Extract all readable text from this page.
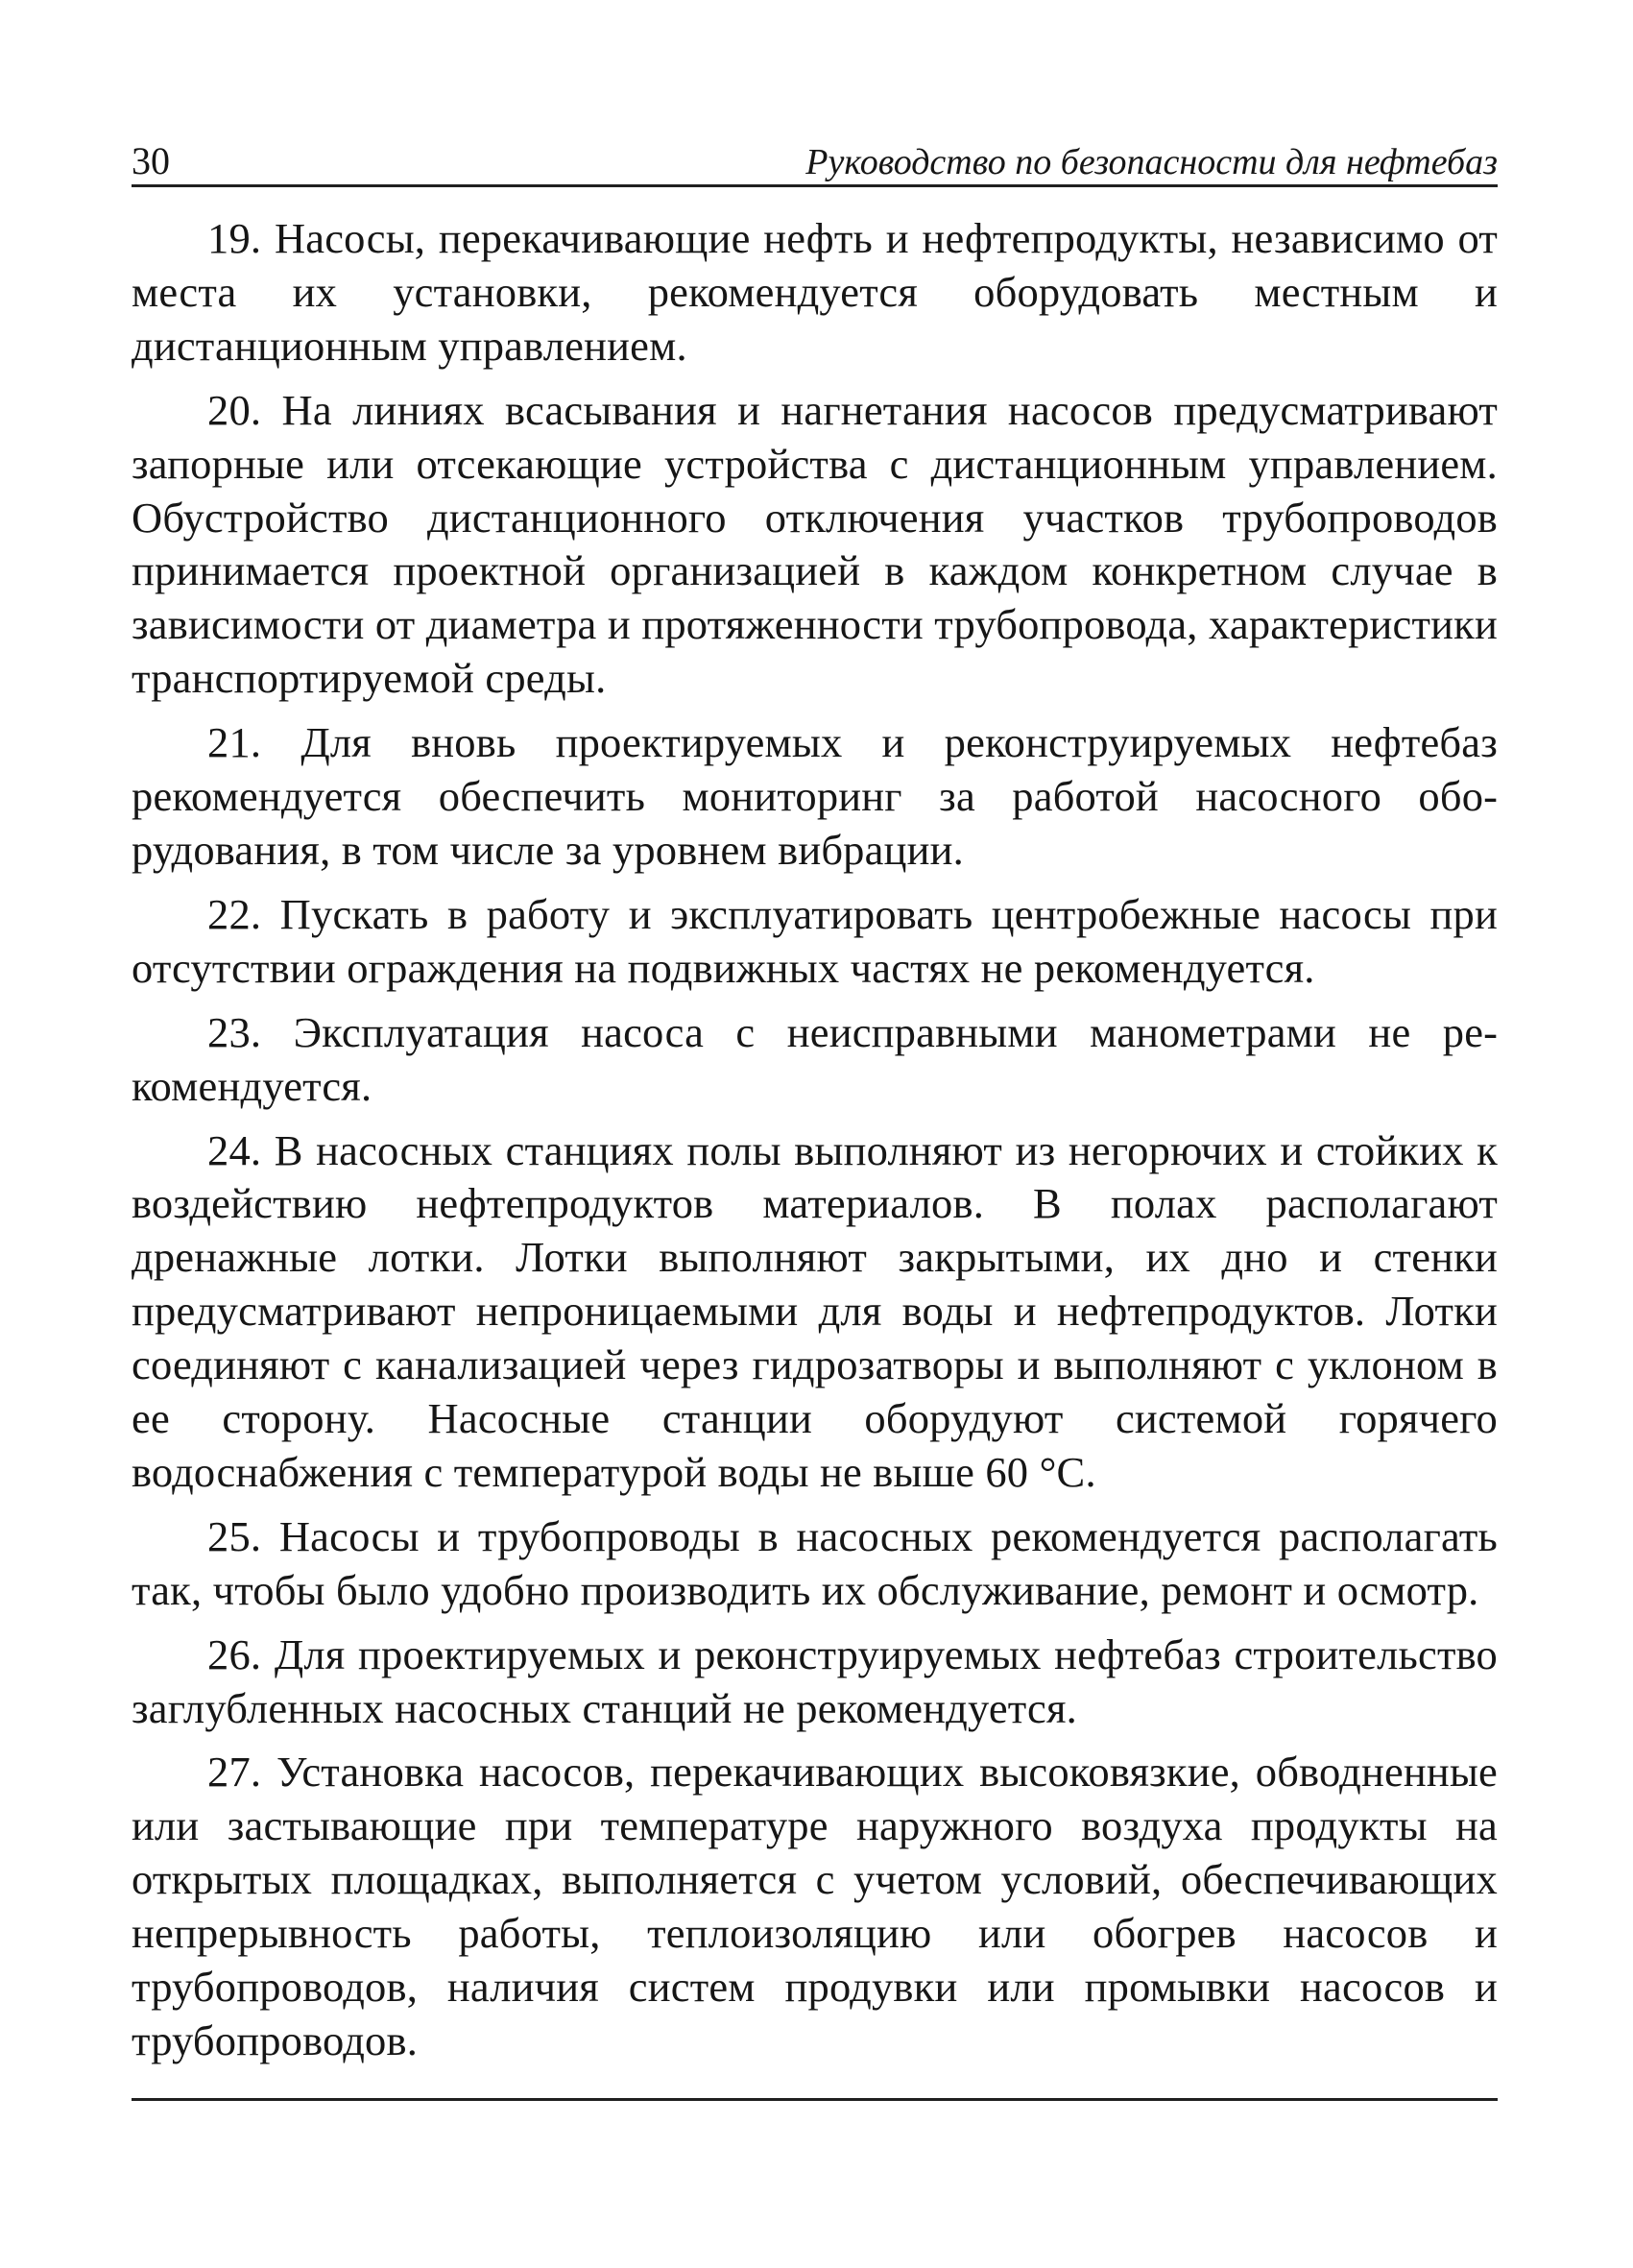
30	Руководство по безопасности для нефтебаз

19. Насосы, перекачивающие нефть и нефтепродукты, независимо от места их установки, рекомендуется оборудовать местным и дистанционным управлением.

20. На линиях всасывания и нагнетания насосов предусматривают запорные или отсекающие устройства с дистанционным управлением. Обустройство дистанционного отключения участков трубопроводов принимается проектной организацией в каждом конкретном случае в зависимости от диаметра и протяженности трубопровода, характеристики транспортируемой среды.

21. Для вновь проектируемых и реконструируемых нефтебаз рекомендуется обеспечить мониторинг за работой насосного оборудования, в том числе за уровнем вибрации.

22. Пускать в работу и эксплуатировать центробежные насосы при отсутствии ограждения на подвижных частях не рекомендуется.

23. Эксплуатация насоса с неисправными манометрами не рекомендуется.

24. В насосных станциях полы выполняют из негорючих и стойких к воздействию нефтепродуктов материалов. В полах располагают дренажные лотки. Лотки выполняют закрытыми, их дно и стенки предусматривают непроницаемыми для воды и нефтепродуктов. Лотки соединяют с канализацией через гидрозатворы и выполняют с уклоном в ее сторону. Насосные станции оборудуют системой горячего водоснабжения с температурой воды не выше 60 °С.

25. Насосы и трубопроводы в насосных рекомендуется располагать так, чтобы было удобно производить их обслуживание, ремонт и осмотр.

26. Для проектируемых и реконструируемых нефтебаз строительство заглубленных насосных станций не рекомендуется.

27. Установка насосов, перекачивающих высоковязкие, обводненные или застывающие при температуре наружного воздуха продукты на открытых площадках, выполняется с учетом условий, обеспечивающих непрерывность работы, теплоизоляцию или обогрев насосов и трубопроводов, наличия систем продувки или промывки насосов и трубопроводов.
